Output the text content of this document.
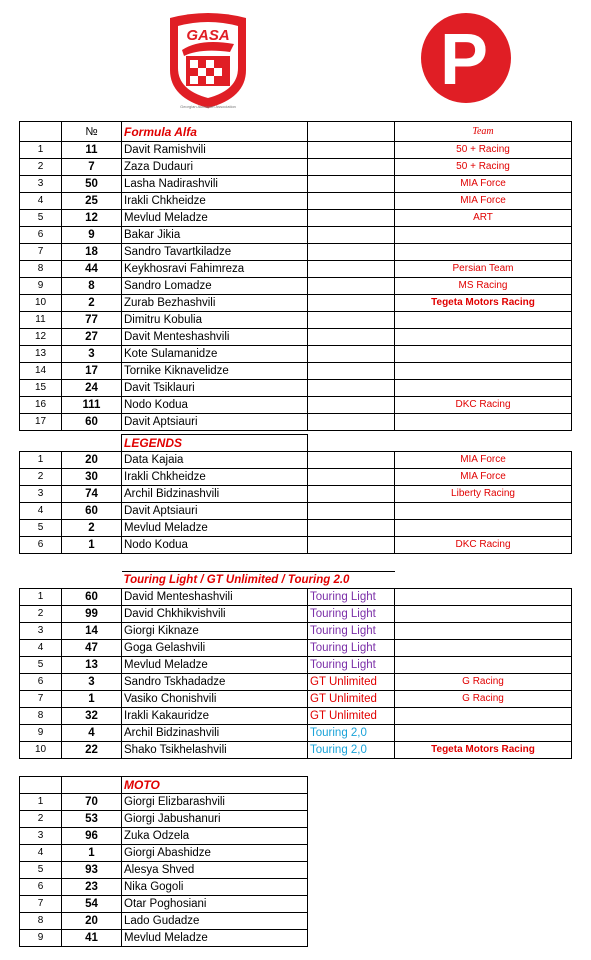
GASA
Georgian Autosport Association
P
	№	Formula Alfa		Team
1	11	Davit Ramishvili		50 + Racing
2	7	Zaza Dudauri		50 + Racing
3	50	Lasha Nadirashvili		MIA Force
4	25	Irakli Chkheidze		MIA Force
5	12	Mevlud Meladze		ART
6	9	Bakar Jikia		
7	18	Sandro Tavartkiladze		
8	44	Keykhosravi Fahimreza		Persian Team
9	8	Sandro Lomadze		MS Racing
10	2	Zurab Bezhashvili		Tegeta Motors Racing
11	77	Dimitru Kobulia		
12	27	Davit Menteshashvili		
13	3	Kote Sulamanidze		
14	17	Tornike Kiknavelidze		
15	24	Davit Tsiklauri		
16	111	Nodo Kodua		DKC Racing
17	60	Davit Aptsiauri		
		LEGENDS		
1	20	Data Kajaia		MIA Force
2	30	Irakli Chkheidze		MIA Force
3	74	Archil Bidzinashvili		Liberty Racing
4	60	Davit Aptsiauri		
5	2	Mevlud Meladze		
6	1	Nodo Kodua		DKC Racing
		Touring Light / GT Unlimited / Touring 2.0		
1	60	David Menteshashvili	Touring Light	
2	99	David Chkhikvishvili	Touring Light	
3	14	Giorgi Kiknaze	Touring Light	
4	47	Goga Gelashvili	Touring Light	
5	13	Mevlud Meladze	Touring Light	
6	3	Sandro Tskhadadze	GT Unlimited	G Racing
7	1	Vasiko Chonishvili	GT Unlimited	G Racing
8	32	Irakli Kakauridze	GT Unlimited	
9	4	Archil Bidzinashvili	Touring 2,0	
10	22	Shako Tsikhelashvili	Touring 2,0	Tegeta Motors Racing
		MOTO
1	70	Giorgi Elizbarashvili
2	53	Giorgi Jabushanuri
3	96	Zuka Odzela
4	1	Giorgi Abashidze
5	93	Alesya Shved
6	23	Nika Gogoli
7	54	Otar Poghosiani
8	20	Lado Gudadze
9	41	Mevlud Meladze
